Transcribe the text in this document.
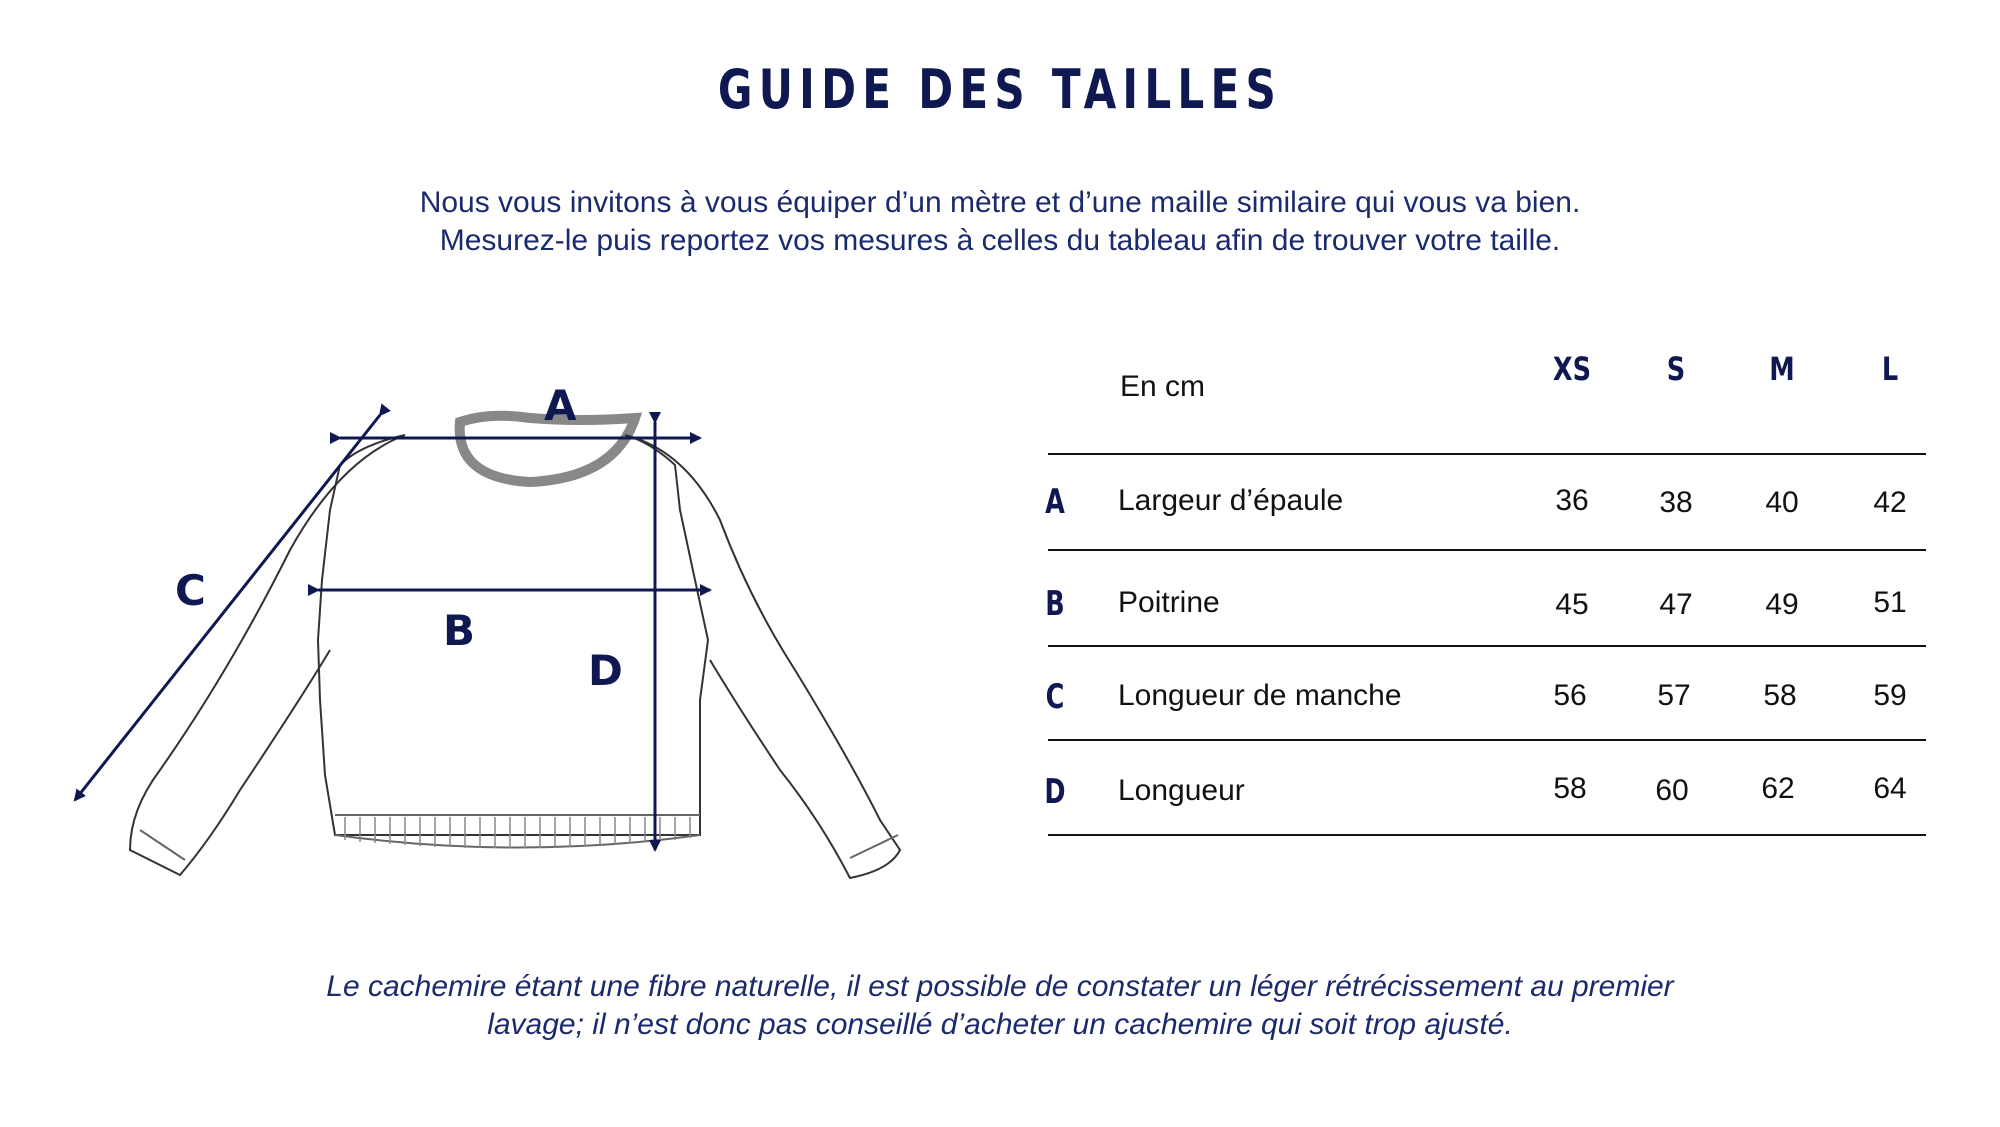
GUIDE DES TAILLES
Nous vous invitons à vous équiper d’un mètre et d’une maille similaire qui vous va bien.
Mesurez-le puis reportez vos mesures à celles du tableau afin de trouver votre taille.
A
B
C
D
En cm	XS	S	M	L
A Largeur d’épaule	36	38	40	42
B Poitrine	45	47	49	51
C Longueur de manche	56	57	58	59
D Longueur	58	60	62	64
Le cachemire étant une fibre naturelle, il est possible de constater un léger rétrécissement au premier
lavage; il n’est donc pas conseillé d’acheter un cachemire qui soit trop ajusté.
